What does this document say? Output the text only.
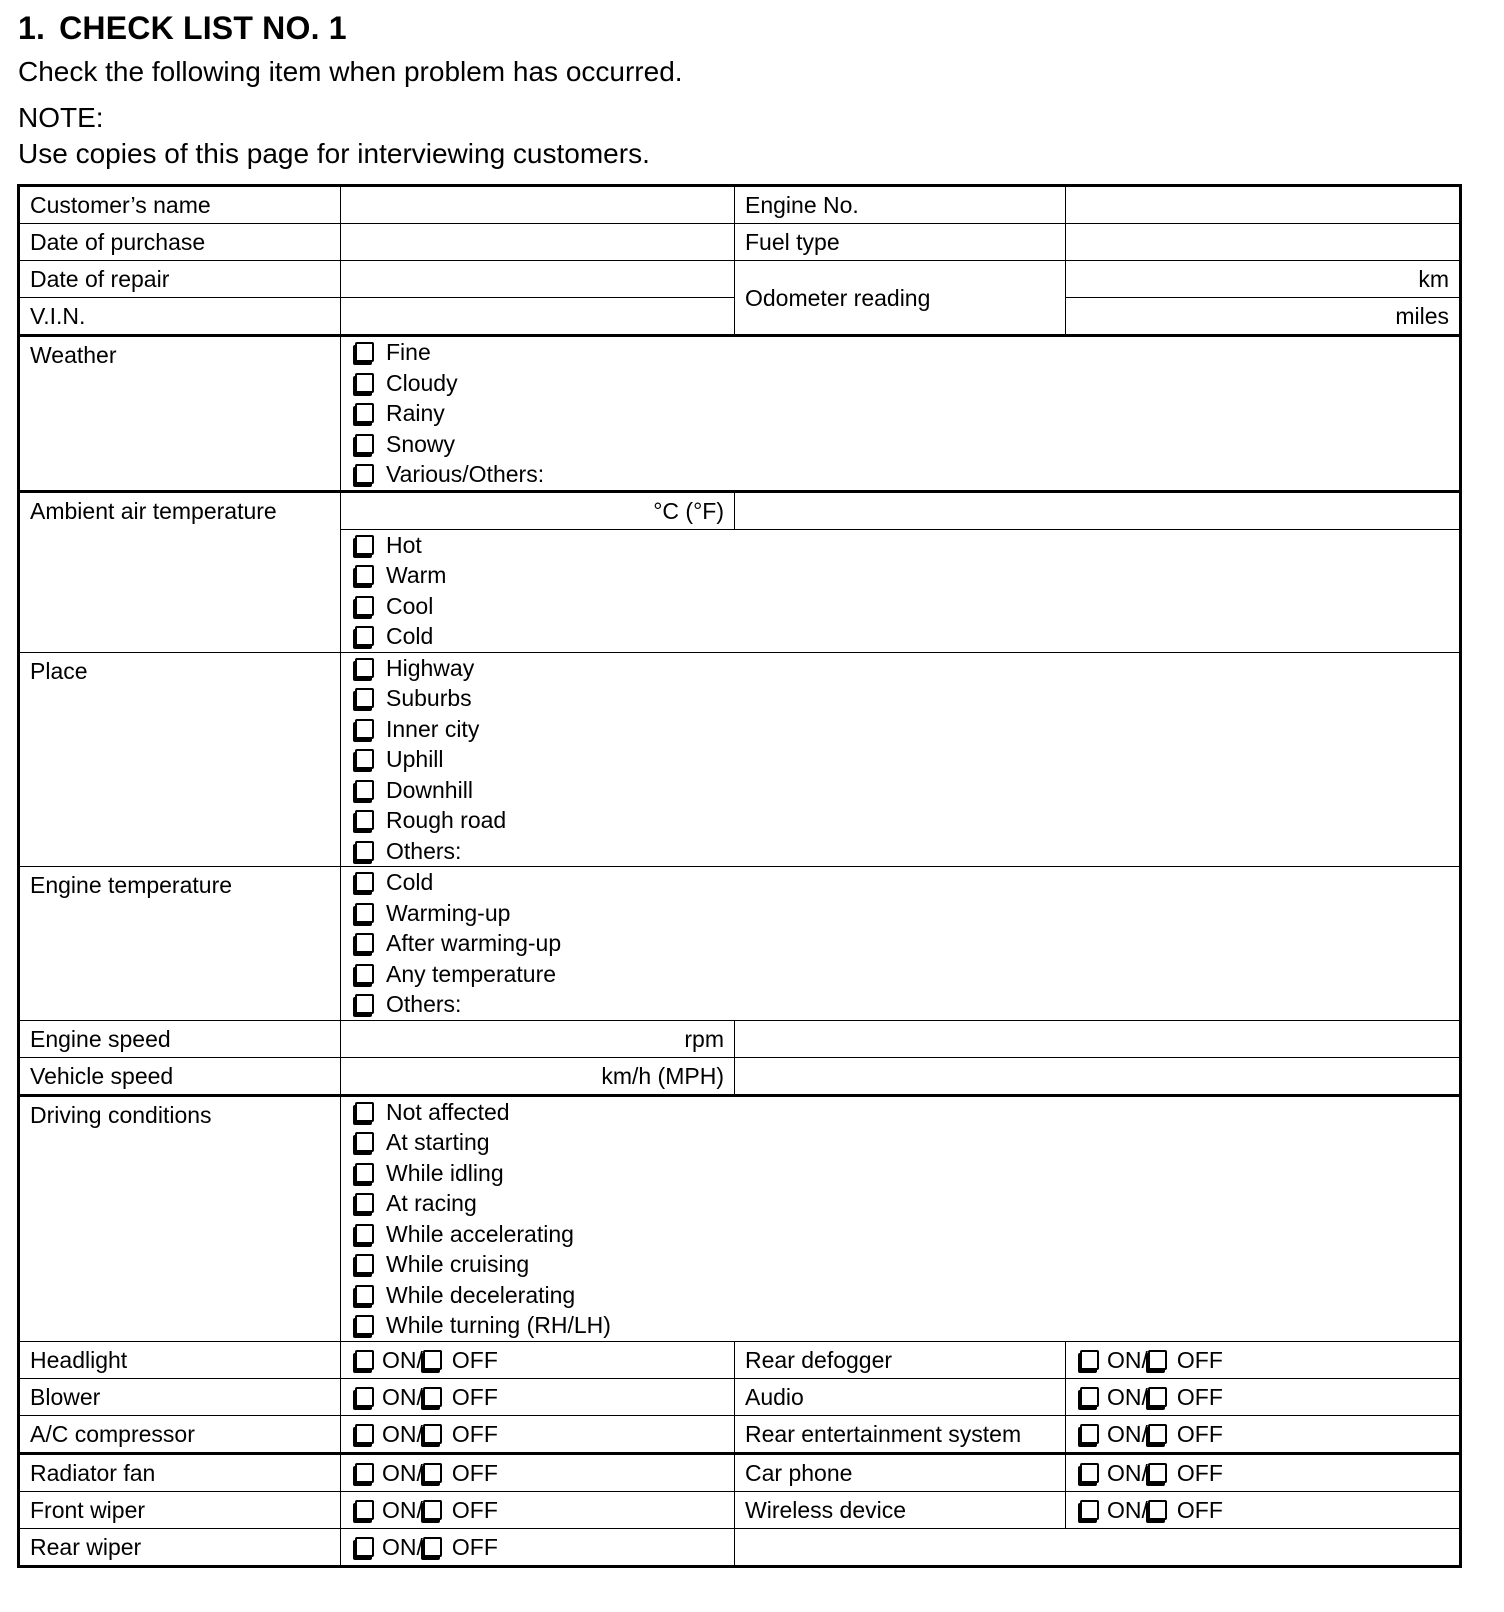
1. CHECK LIST NO. 1
Check the following item when problem has occurred.
NOTE:
Use copies of this page for interviewing customers.
Customer’s name		Engine No.	
Date of purchase		Fuel type	
Date of repair		Odometer reading	km
V.I.N.			miles
Weather	Fine
Cloudy
Rainy
Snowy
Various/Others:		

Ambient air temperature	°C (°F)		

	Hot
Warm
Cool
Cold		

Place	Highway
Suburbs
Inner city
Uphill
Downhill
Rough road
Others:

Engine temperature	Cold
Warming-up
After warming-up
Any temperature
Others:		

Engine speed	rpm		
Vehicle speed	km/h (MPH)		
Driving conditions	Not affected
At starting
While idling
At racing
While accelerating
While cruising
While decelerating
While turning (RH/LH)

Headlight	ON/ OFF	Rear defogger	ON/ OFF

Blower	ON/ OFF	Audio	ON/ OFF

A/C compressor	ON/ OFF	Rear entertainment system	ON/ OFF

Radiator fan	ON/ OFF	Car phone	ON/ OFF

Front wiper	ON/ OFF	Wireless device	ON/ OFF

Rear wiper	ON/ OFF		
